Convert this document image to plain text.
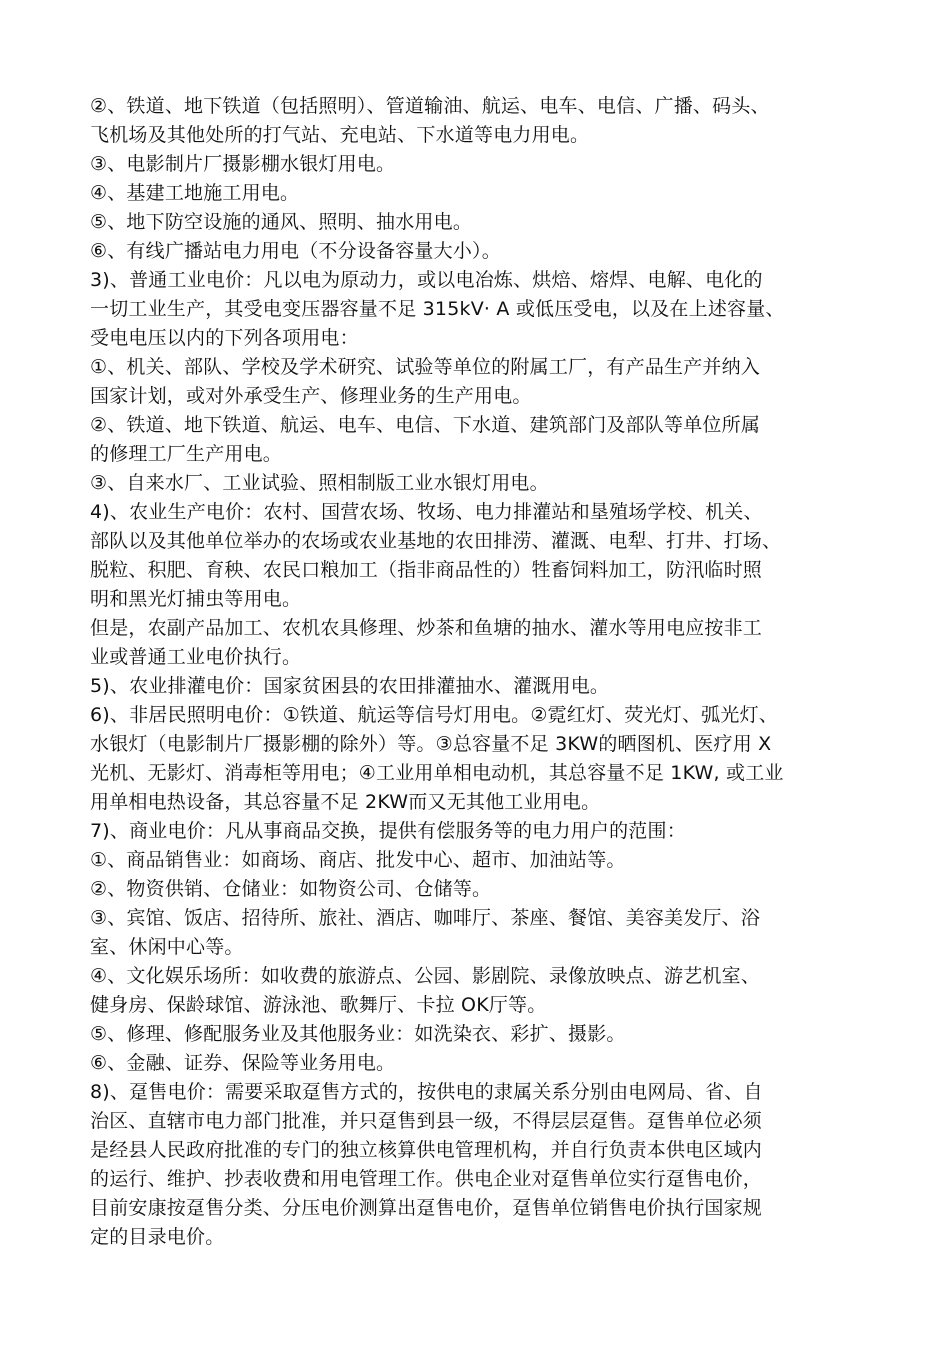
②、铁道、地下铁道（包括照明）、管道输油、航运、电车、电信、广播、码头、
飞机场及其他处所的打气站、充电站、下水道等电力用电。
③、电影制片厂摄影棚水银灯用电。
④、基建工地施工用电。
⑤、地下防空设施的通风、照明、抽水用电。
⑥、有线广播站电力用电（不分设备容量大小）。
3)、普通工业电价：凡以电为原动力，或以电冶炼、烘焙、熔焊、电解、电化的
一切工业生产，其受电变压器容量不足 315kV· A 或低压受电，以及在上述容量、
受电电压以内的下列各项用电：
①、机关、部队、学校及学术研究、试验等单位的附属工厂，有产品生产并纳入
国家计划，或对外承受生产、修理业务的生产用电。
②、铁道、地下铁道、航运、电车、电信、下水道、建筑部门及部队等单位所属
的修理工厂生产用电。
③、自来水厂、工业试验、照相制版工业水银灯用电。
4)、农业生产电价：农村、国营农场、牧场、电力排灌站和垦殖场学校、机关、
部队以及其他单位举办的农场或农业基地的农田排涝、灌溉、电犁、打井、打场、
脱粒、积肥、育秧、农民口粮加工（指非商品性的）牲畜饲料加工，防汛临时照
明和黑光灯捕虫等用电。
但是，农副产品加工、农机农具修理、炒茶和鱼塘的抽水、灌水等用电应按非工
业或普通工业电价执行。
5)、农业排灌电价：国家贫困县的农田排灌抽水、灌溉用电。
6)、非居民照明电价：①铁道、航运等信号灯用电。②霓红灯、荧光灯、弧光灯、
水银灯（电影制片厂摄影棚的除外）等。③总容量不足 3KW的晒图机、医疗用 X
光机、无影灯、消毒柜等用电；④工业用单相电动机，其总容量不足 1KW, 或工业
用单相电热设备，其总容量不足 2KW而又无其他工业用电。
7)、商业电价：凡从事商品交换，提供有偿服务等的电力用户的范围：
①、商品销售业：如商场、商店、批发中心、超市、加油站等。
②、物资供销、仓储业：如物资公司、仓储等。
③、宾馆、饭店、招待所、旅社、酒店、咖啡厅、茶座、餐馆、美容美发厅、浴
室、休闲中心等。
④、文化娱乐场所：如收费的旅游点、公园、影剧院、录像放映点、游艺机室、
健身房、保龄球馆、游泳池、歌舞厅、卡拉 OK厅等。
⑤、修理、修配服务业及其他服务业：如洗染衣、彩扩、摄影。
⑥、金融、证券、保险等业务用电。
8)、趸售电价：需要采取趸售方式的，按供电的隶属关系分别由电网局、省、自
治区、直辖市电力部门批准，并只趸售到县一级，不得层层趸售。趸售单位必须
是经县人民政府批准的专门的独立核算供电管理机构，并自行负责本供电区域内
的运行、维护、抄表收费和用电管理工作。供电企业对趸售单位实行趸售电价，
目前安康按趸售分类、分压电价测算出趸售电价，趸售单位销售电价执行国家规
定的目录电价。
